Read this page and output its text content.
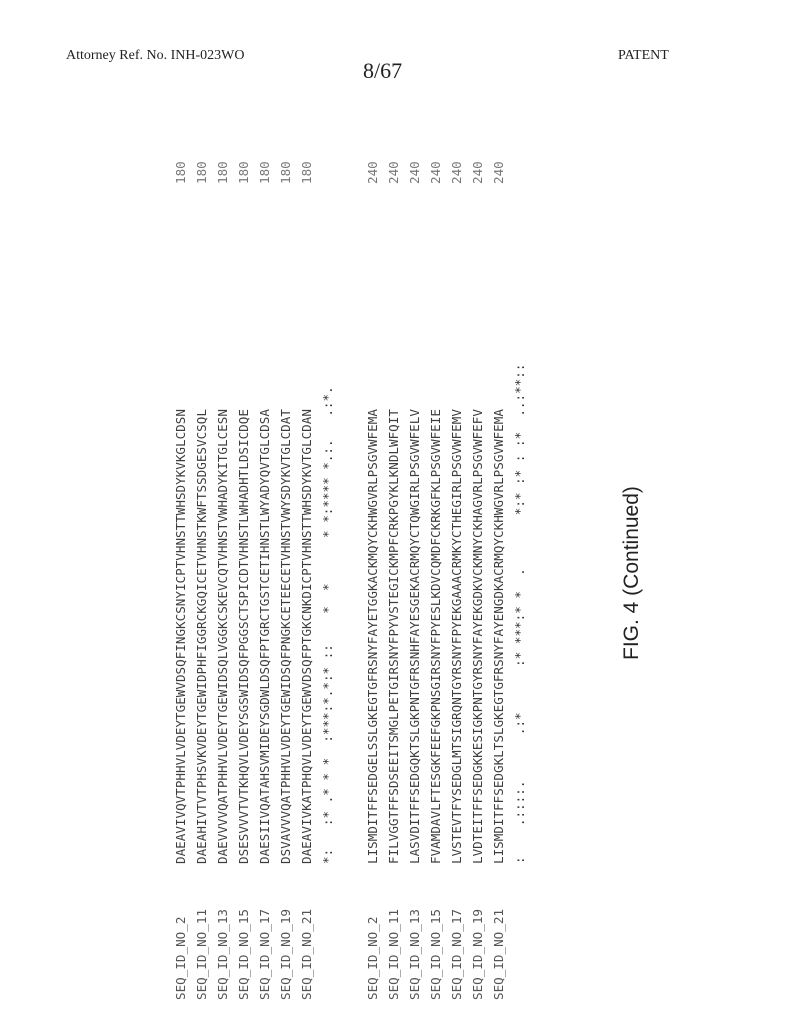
Attorney Ref. No. INH-023WO
8/67
PATENT
SEQ_ID_NO_2
DAEAVIVQVTPHHVLVDEYTGEWVDSQFINGKCSNYICPTVHNSTTWHSDYKVKGLCDSN
180
SEQ_ID_NO_11
DAEAHIVTVTPHSVKVDEYTGEWIDPHFIGGRCKGQICETVHNSTKWFTSSDGESVCSQL
180
SEQ_ID_NO_13
DAEVVVVQATPHHVLVDEYTGEWIDSQLVGGKCSKEVCQTVHNSTVWHADYKITGLCESN
180
SEQ_ID_NO_15
DSESVVVTVTKHQVLVDEYSGSWIDSQFPGGSCTSPICDTVHNSTLWHADHTLDSICDQE
180
SEQ_ID_NO_17
DAESIIVQATAHSVMIDEYSGDWLDSQFPTGRCTGSTCETIHNSTLWYADYQVTGLCDSA
180
SEQ_ID_NO_19
DSVAVVVQATPHHVLVDEYTGEWIDSQFPNGKCETEECETVHNSTVWYSDYKVTGLCDAT
180
SEQ_ID_NO_21
DAEAVIVKATPHQVLVDEYTGEWVDSQFPTGKCNKDICPTVHNSTTWHSDYKVTGLCDAN
180
*:   :* .* * *  :***:*.*:* ::    *  *      * *:**** *.:.   .:*.
SEQ_ID_NO_2
LISMDITFFSEDGELSSLGKEGTGFRSNYFAYETGGKACKMQYCKHWGVRLPSGVWFEMA
240
SEQ_ID_NO_11
FILVGGTFFSDSEEITSMGLPETGIRSNYFPYVSTEGICKMPFCRKPGYKLKNDLWFQIT
240
SEQ_ID_NO_13
LASVDITFFSEDGQKTSLGKPNTGFRSNHFAYESGEKACRMQYCTQWGIRLPSGVWFELV
240
SEQ_ID_NO_15
FVAMDAVLFTESGKFEEFGKPNSGIRSNYFPYESLKDVCQMDFCKRKGFKLPSGVWFEIE
240
SEQ_ID_NO_17
LVSTEVTFYSEDGLMTSIGRQNTGYRSNYFPYEKGAAACRMKYCTHEGIRLPSGVWFEMV
240
SEQ_ID_NO_19
LVDTEITFFSEDGKKESIGKPNTGYRSNYFAYEKGDKVCKMNYCKHAGVRLPSGVWFEFV
240
SEQ_ID_NO_21
LISMDITFFSEDGKLTSLGKEGTGFRSNYFAYENGDKACRMQYCKHWGVRLPSGVWFEMA
240
:    .::::.      .:*      :* ***:* *  .       *:* :* : :*  ..:**::	FIG. 4 (Continued)
